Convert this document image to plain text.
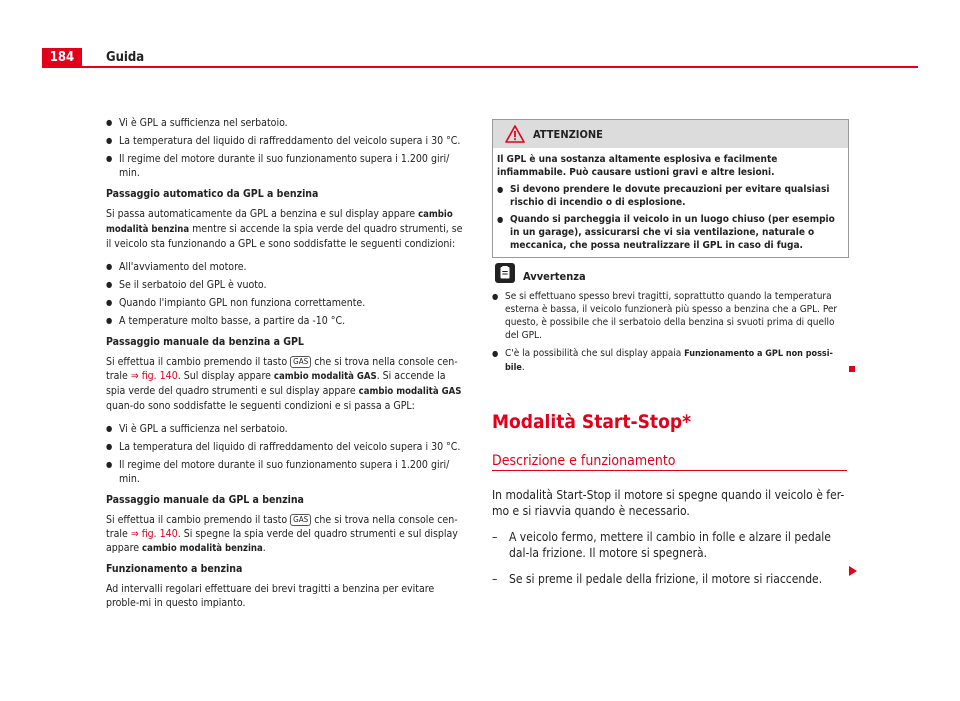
184	Guida
● Vi è GPL a sufficienza nel serbatoio.
● La temperatura del liquido di raffreddamento del veicolo supera i 30 °C.
● Il regime del motore durante il suo funzionamento supera i 1.200 giri/ min.

Passaggio automatico da GPL a benzina

Si passa automaticamente da GPL a benzina e sul display appare cambio modalità benzina mentre si accende la spia verde del quadro strumenti, se il veicolo sta funzionando a GPL e sono soddisfatte le seguenti condizioni:

● All'avviamento del motore.
● Se il serbatoio del GPL è vuoto.
● Quando l'impianto GPL non funziona correttamente.
● A temperature molto basse, a partire da -10 °C.

Passaggio manuale da benzina a GPL

Si effettua il cambio premendo il tasto GAS che si trova nella console cen-trale ⇒ fig. 140. Sul display appare cambio modalità GAS. Si accende la spia verde del quadro strumenti e sul display appare cambio modalità GAS quan-do sono soddisfatte le seguenti condizioni e si passa a GPL:

● Vi è GPL a sufficienza nel serbatoio.
● La temperatura del liquido di raffreddamento del veicolo supera i 30 °C.
● Il regime del motore durante il suo funzionamento supera i 1.200 giri/ min.

Passaggio manuale da GPL a benzina

Si effettua il cambio premendo il tasto GAS che si trova nella console cen-trale ⇒ fig. 140. Si spegne la spia verde del quadro strumenti e sul display appare cambio modalità benzina.

Funzionamento a benzina

Ad intervalli regolari effettuare dei brevi tragitti a benzina per evitare proble-mi in questo impianto.

ATTENZIONE

Il GPL è una sostanza altamente esplosiva e facilmente infiammabile. Può causare ustioni gravi e altre lesioni.

● Si devono prendere le dovute precauzioni per evitare qualsiasi rischio di incendio o di esplosione.
● Quando si parcheggia il veicolo in un luogo chiuso (per esempio in un garage), assicurarsi che vi sia ventilazione, naturale o meccanica, che possa neutralizzare il GPL in caso di fuga.
Avvertenza
● Se si effettuano spesso brevi tragitti, soprattutto quando la temperatura esterna è bassa, il veicolo funzionerà più spesso a benzina che a GPL. Per questo, è possibile che il serbatoio della benzina si svuoti prima di quello del GPL.
● C'è la possibilità che sul display appaia Funzionamento a GPL non possi-bile.
Modalità Start-Stop*
Descrizione e funzionamento

In modalità Start-Stop il motore si spegne quando il veicolo è fer-mo e si riavvia quando è necessario.

– A veicolo fermo, mettere il cambio in folle e alzare il pedale dal-la frizione. Il motore si spegnerà.
– Se si preme il pedale della frizione, il motore si riaccende.
